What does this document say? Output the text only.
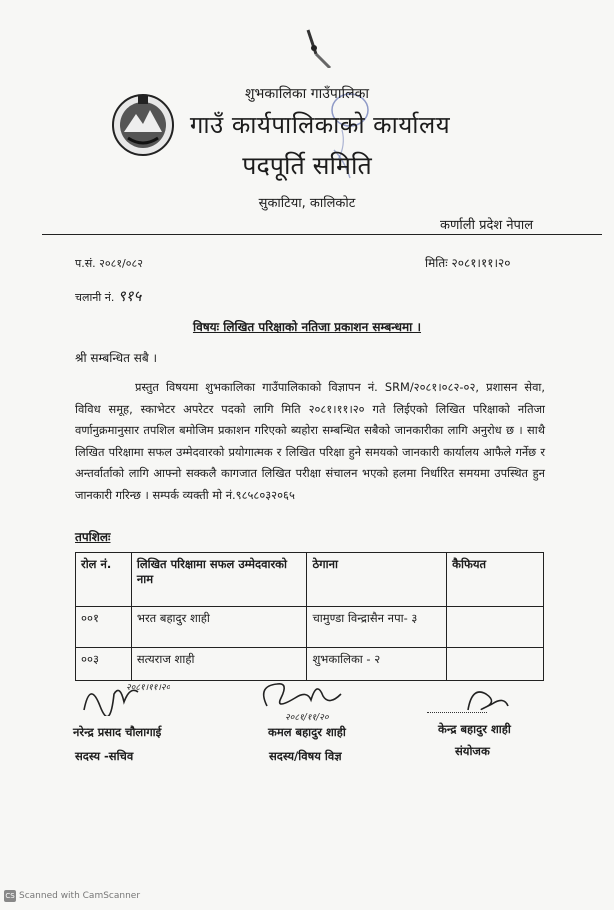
शुभकालिका गाउँपालिका
गाउँ कार्यपालिकाको कार्यालय
पदपूर्ति समिति
सुकाटिया, कालिकोट
कर्णाली प्रदेश नेपाल
प.सं. २०८१/०८२	मितिः २०८१।११।२०
चलानी नं. ९१५
विषयः लिखित परिक्षाको नतिजा प्रकाशन सम्बन्धमा ।
श्री सम्बन्धित सबै ।
प्रस्तुत विषयमा शुभकालिका गाउँपालिकाको विज्ञापन नं. SRM/२०८१।०८२-०२, प्रशासन सेवा, विविध समूह, स्काभेटर अपरेटर पदको लागि मिति २०८१।११।२० गते लिईएको लिखित परिक्षाको नतिजा वर्णानुक्रमानुसार तपशिल बमोजिम प्रकाशन गरिएको ब्यहोरा सम्बन्धित सबैको जानकारीका लागि अनुरोध छ । साथै लिखित परिक्षामा सफल उम्मेदवारको प्रयोगात्मक र लिखित परिक्षा हुने समयको जानकारी कार्यालय आफैले गर्नेछ र अन्तर्वार्ताको लागि आफ्नो सक्कलै कागजात लिखित परीक्षा संचालन भएको हलमा निर्धारित समयमा उपस्थित हुन जानकारी गरिन्छ । सम्पर्क व्यक्ती मो नं.९८५८०३२०६५
तपशिलः
रोल नं.	लिखित परिक्षामा सफल उम्मेदवारको नाम	ठेगाना	कैफियत
००१	भरत बहादुर शाही	चामुण्डा विन्द्रासैन नपा- ३	
००३	सत्यराज शाही	शुभकालिका - २	
२०८१।११।२०
नरेन्द्र प्रसाद चौलागाई
सदस्य -सचिव
२०८१/११/२०
कमल बहादुर शाही
सदस्य/विषय विज्ञ
केन्द्र बहादुर शाही
संयोजक
CS Scanned with CamScanner
